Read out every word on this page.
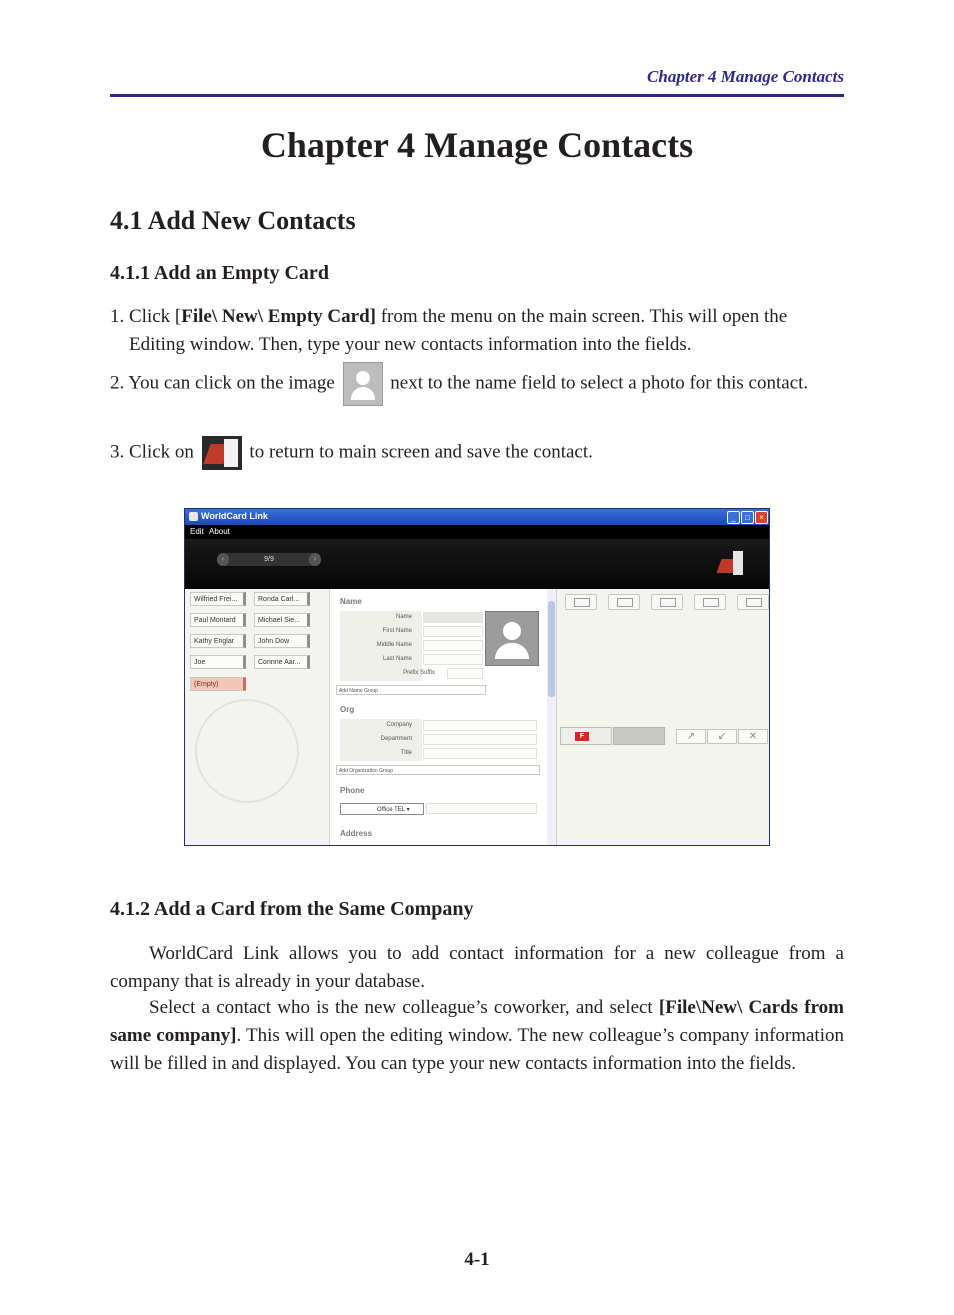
Chapter 4 Manage Contacts
Chapter 4 Manage Contacts
4.1 Add New Contacts
4.1.1 Add an Empty Card
1. Click [File\ New\ Empty Card] from the menu on the main screen. This will open the Editing window. Then, type your new contacts information into the fields.
2. You can click on the image
next to the name field to select a photo for this contact.
3. Click on
to return to main screen and save the contact.
WorldCard Link	_	□	×
Edit About
‹	9/9	›
Wilfried Frei...	Ronda Carl...
Paul Montard	Michael Sie...
Kathy Englar	John Dow
Joe	Corinne Aar...
(Empty)
Name
Name
First Name
Middle Name
Last Name
Prefix Suffix
Add Name Group
Org
Company
Department
Title
Add Organization Group
Phone
Office TEL ▾
Address
F	↗	↙	✕
4.1.2 Add a Card from the Same Company
WorldCard Link allows you to add contact information for a new colleague from a company that is already in your database.
Select a contact who is the new colleague’s coworker, and select [File\New\ Cards from same company]. This will open the editing window. The new colleague’s company information will be filled in and displayed. You can type your new contacts information into the fields.
4-1
